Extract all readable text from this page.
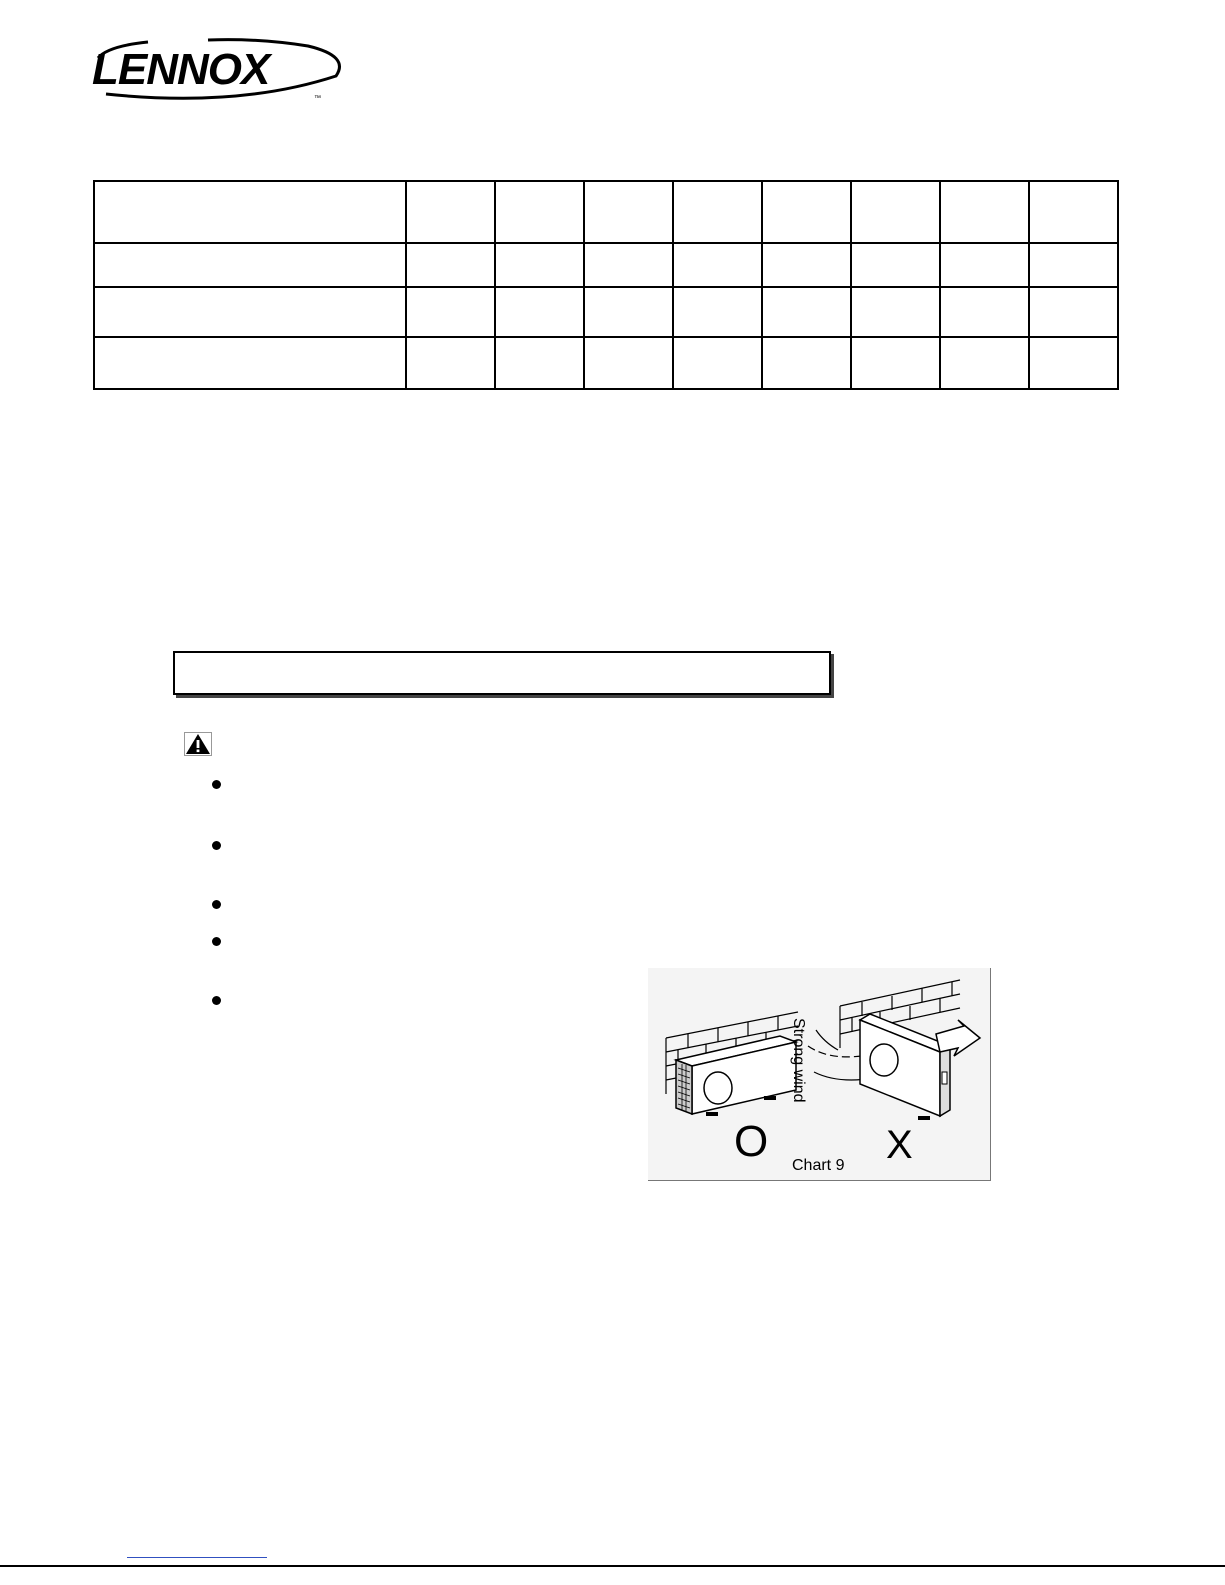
LENNOX
™

Strong wind
O	X
Chart 9
